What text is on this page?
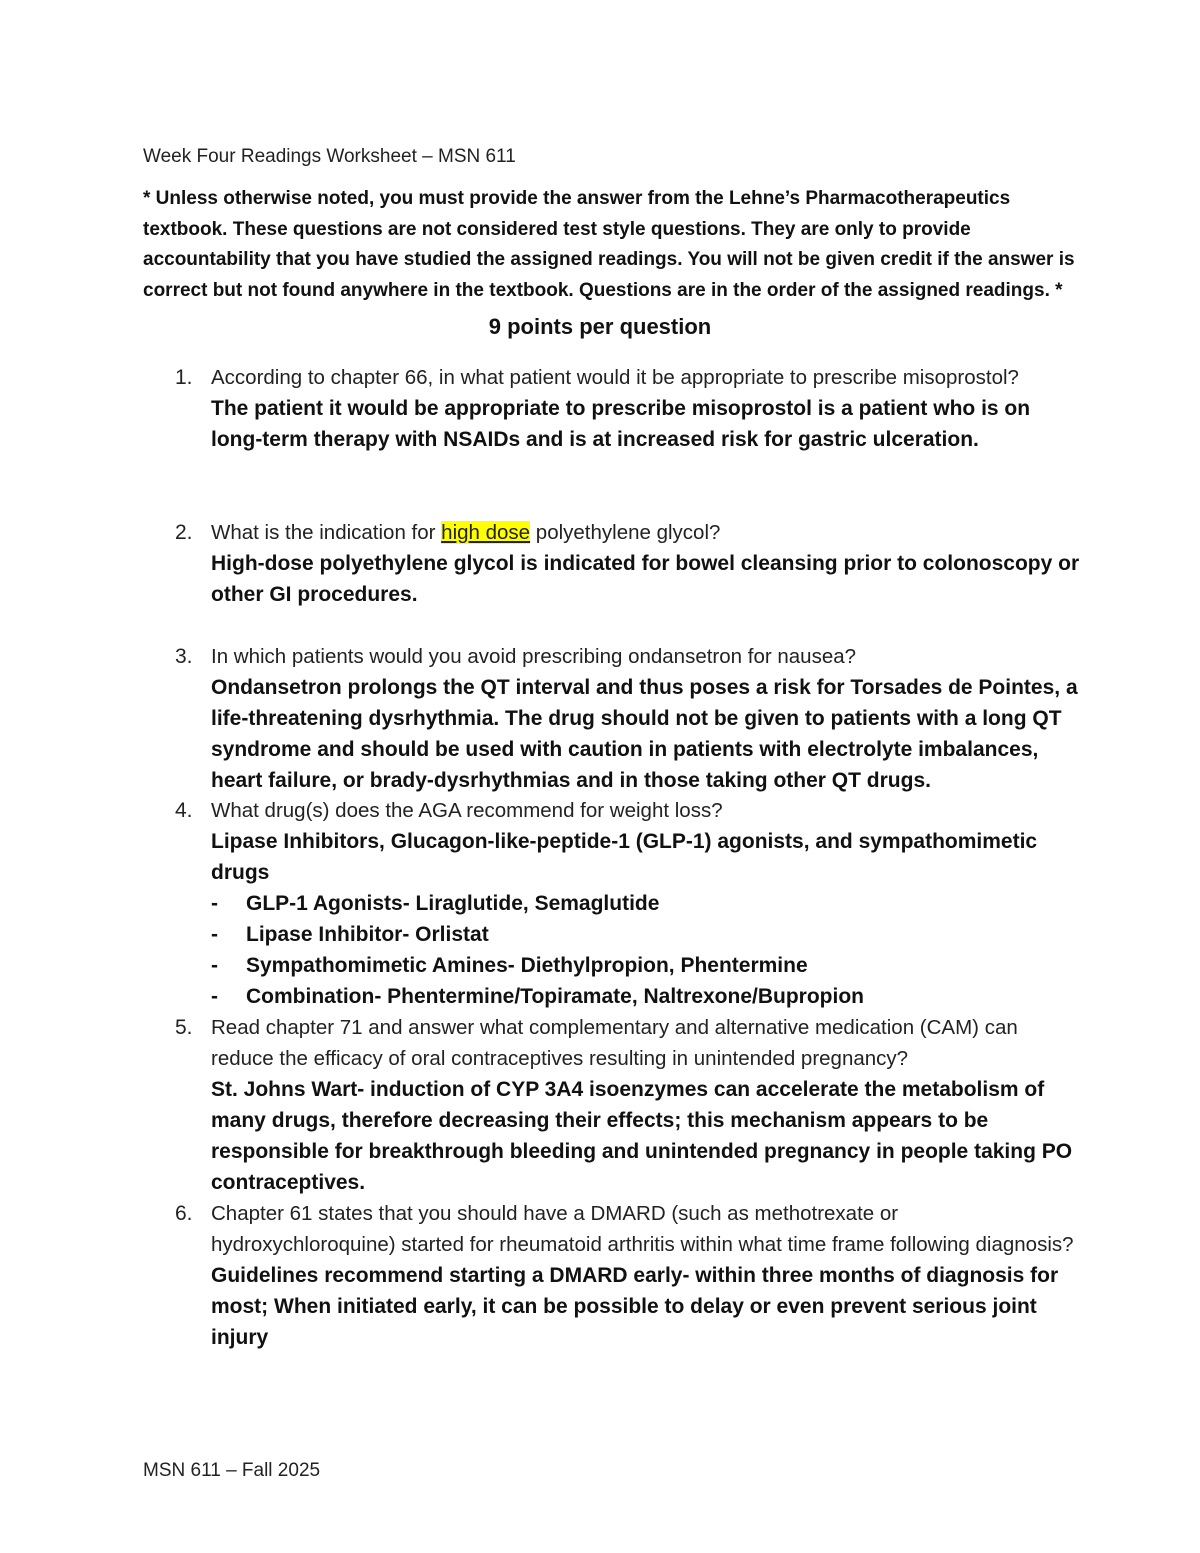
Week Four Readings Worksheet – MSN 611
* Unless otherwise noted, you must provide the answer from the Lehne’s Pharmacotherapeutics textbook. These questions are not considered test style questions. They are only to provide accountability that you have studied the assigned readings. You will not be given credit if the answer is correct but not found anywhere in the textbook. Questions are in the order of the assigned readings. *
9 points per question
1. According to chapter 66, in what patient would it be appropriate to prescribe misoprostol?
The patient it would be appropriate to prescribe misoprostol is a patient who is on long-term therapy with NSAIDs and is at increased risk for gastric ulceration.
2. What is the indication for high dose polyethylene glycol?
High-dose polyethylene glycol is indicated for bowel cleansing prior to colonoscopy or other GI procedures.
3. In which patients would you avoid prescribing ondansetron for nausea?
Ondansetron prolongs the QT interval and thus poses a risk for Torsades de Pointes, a life-threatening dysrhythmia. The drug should not be given to patients with a long QT syndrome and should be used with caution in patients with electrolyte imbalances, heart failure, or brady-dysrhythmias and in those taking other QT drugs.
4. What drug(s) does the AGA recommend for weight loss?
Lipase Inhibitors, Glucagon-like-peptide-1 (GLP-1) agonists, and sympathomimetic drugs
- GLP-1 Agonists- Liraglutide, Semaglutide
- Lipase Inhibitor- Orlistat
- Sympathomimetic Amines- Diethylpropion, Phentermine
- Combination- Phentermine/Topiramate, Naltrexone/Bupropion
5. Read chapter 71 and answer what complementary and alternative medication (CAM) can reduce the efficacy of oral contraceptives resulting in unintended pregnancy?
St. Johns Wart- induction of CYP 3A4 isoenzymes can accelerate the metabolism of many drugs, therefore decreasing their effects; this mechanism appears to be responsible for breakthrough bleeding and unintended pregnancy in people taking PO contraceptives.
6. Chapter 61 states that you should have a DMARD (such as methotrexate or hydroxychloroquine) started for rheumatoid arthritis within what time frame following diagnosis?
Guidelines recommend starting a DMARD early- within three months of diagnosis for most; When initiated early, it can be possible to delay or even prevent serious joint injury
MSN 611 – Fall 2025
